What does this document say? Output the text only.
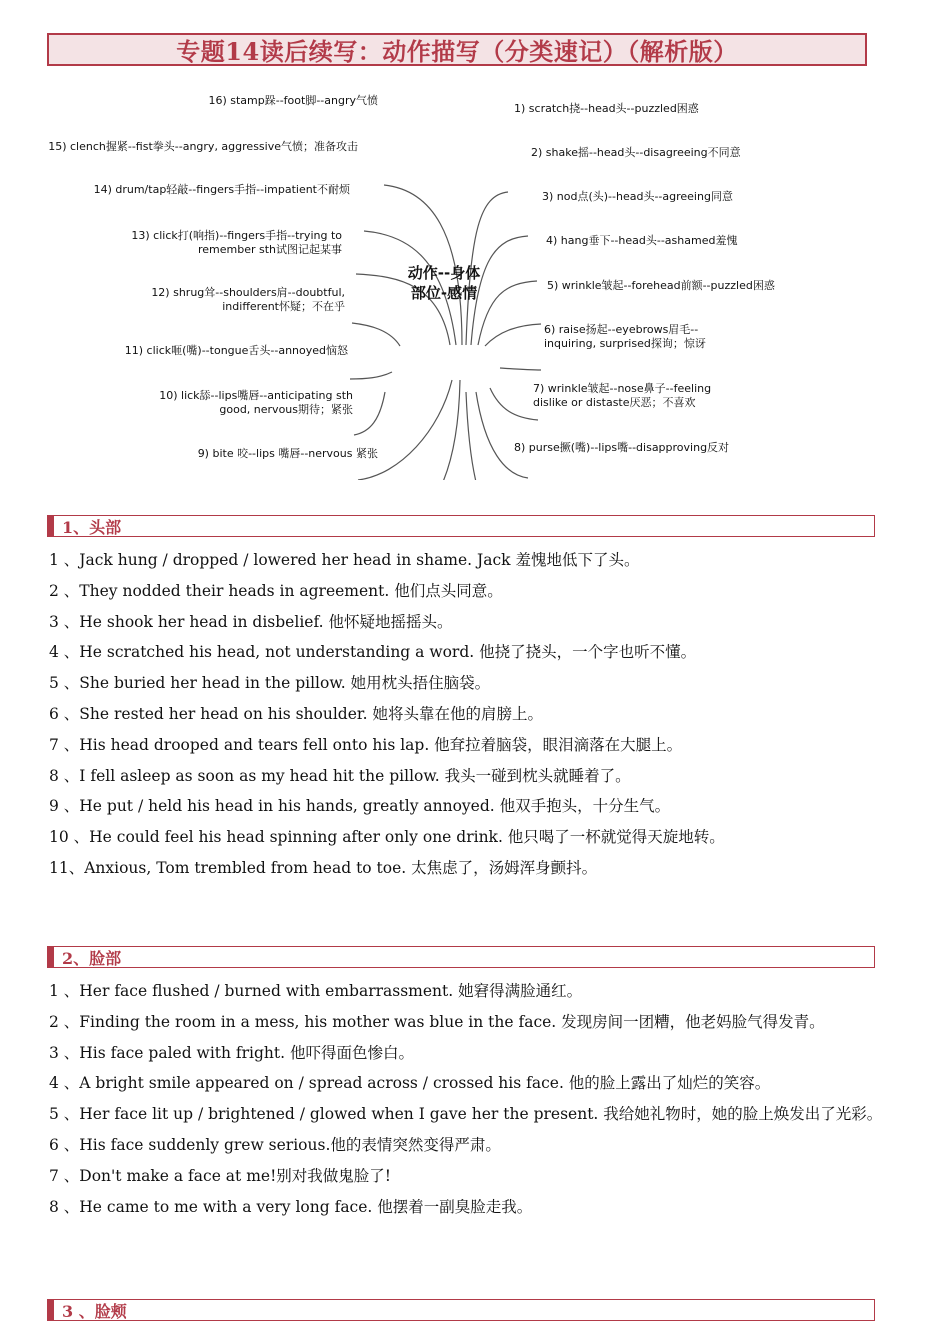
专题14读后续写：动作描写（分类速记）（解析版）
动作--身体
部位-感情
16) stamp跺--foot脚--angry气愤
15) clench握紧--fist拳头--angry, aggressive气愤；准备攻击
14) drum/tap轻敲--fingers手指--impatient不耐烦
13) click打(响指)--fingers手指--trying to
remember sth试图记起某事
12) shrug耸--shoulders肩--doubtful,
indifferent怀疑；不在乎
11) click咂(嘴)--tongue舌头--annoyed恼怒
10) lick舔--lips嘴唇--anticipating sth
good, nervous期待；紧张
9) bite 咬--lips 嘴唇--nervous 紧张
1) scratch挠--head头--puzzled困惑
2) shake摇--head头--disagreeing不同意
3) nod点(头)--head头--agreeing同意
4) hang垂下--head头--ashamed羞愧
5) wrinkle皱起--forehead前额--puzzled困惑
6) raise扬起--eyebrows眉毛--
inquiring, surprised探询；惊讶
7) wrinkle皱起--nose鼻子--feeling
dislike or distaste厌恶；不喜欢
8) purse撅(嘴)--lips嘴--disapproving反对
1、头部
1 、Jack hung / dropped / lowered her head in shame. Jack 羞愧地低下了头。
2 、They nodded their heads in agreement. 他们点头同意。
3 、He shook her head in disbelief. 他怀疑地摇摇头。
4 、He scratched his head, not understanding a word. 他挠了挠头，一个字也听不懂。
5 、She buried her head in the pillow. 她用枕头捂住脑袋。
6 、She rested her head on his shoulder. 她将头靠在他的肩膀上。
7 、His head drooped and tears fell onto his lap. 他耷拉着脑袋，眼泪滴落在大腿上。
8 、I fell asleep as soon as my head hit the pillow. 我头一碰到枕头就睡着了。
9 、He put / held his head in his hands, greatly annoyed. 他双手抱头，十分生气。
10 、He could feel his head spinning after only one drink. 他只喝了一杯就觉得天旋地转。
11、Anxious, Tom trembled from head to toe. 太焦虑了，汤姆浑身颤抖。
2、脸部
1 、Her face flushed / burned with embarrassment. 她窘得满脸通红。
2 、Finding the room in a mess, his mother was blue in the face. 发现房间一团糟，他老妈脸气得发青。
3 、His face paled with fright. 他吓得面色惨白。
4 、A bright smile appeared on / spread across / crossed his face. 他的脸上露出了灿烂的笑容。
5 、Her face lit up / brightened / glowed when I gave her the present. 我给她礼物时，她的脸上焕发出了光彩。
6 、His face suddenly grew serious.他的表情突然变得严肃。
7 、Don't make a face at me!别对我做鬼脸了!
8 、He came to me with a very long face. 他摆着一副臭脸走我。
3 、脸颊
